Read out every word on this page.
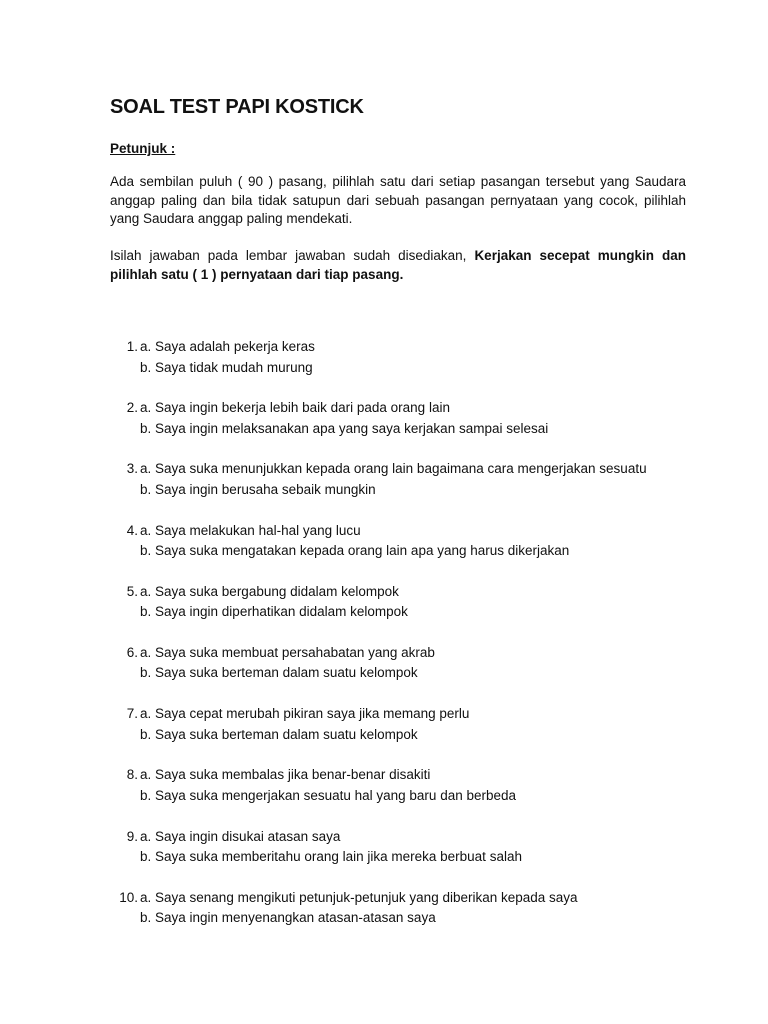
SOAL TEST PAPI KOSTICK
Petunjuk :
Ada sembilan puluh ( 90 ) pasang, pilihlah satu dari setiap pasangan tersebut yang Saudara anggap paling dan bila tidak satupun dari sebuah pasangan pernyataan yang cocok, pilihlah yang Saudara anggap paling mendekati.
Isilah jawaban pada lembar jawaban sudah disediakan, Kerjakan secepat mungkin dan pilihlah satu ( 1 ) pernyataan dari tiap pasang.
1. a. Saya adalah pekerja keras
b. Saya tidak mudah murung
2. a. Saya ingin bekerja lebih baik dari pada orang lain
b. Saya ingin melaksanakan apa yang saya kerjakan sampai selesai
3. a. Saya suka menunjukkan kepada orang lain bagaimana cara mengerjakan sesuatu
b. Saya ingin berusaha sebaik mungkin
4. a. Saya melakukan hal-hal yang lucu
b. Saya suka mengatakan kepada orang lain apa yang harus dikerjakan
5. a. Saya suka bergabung didalam kelompok
b. Saya ingin diperhatikan didalam kelompok
6. a. Saya suka membuat persahabatan yang akrab
b. Saya suka berteman dalam suatu kelompok
7. a. Saya cepat merubah pikiran saya jika memang perlu
b. Saya suka berteman dalam suatu kelompok
8. a. Saya suka membalas jika benar-benar disakiti
b. Saya suka mengerjakan sesuatu hal yang baru dan berbeda
9. a. Saya ingin disukai atasan saya
b. Saya suka memberitahu orang lain jika mereka berbuat salah
10. a. Saya senang mengikuti petunjuk-petunjuk yang diberikan kepada saya
b. Saya ingin menyenangkan atasan-atasan saya
